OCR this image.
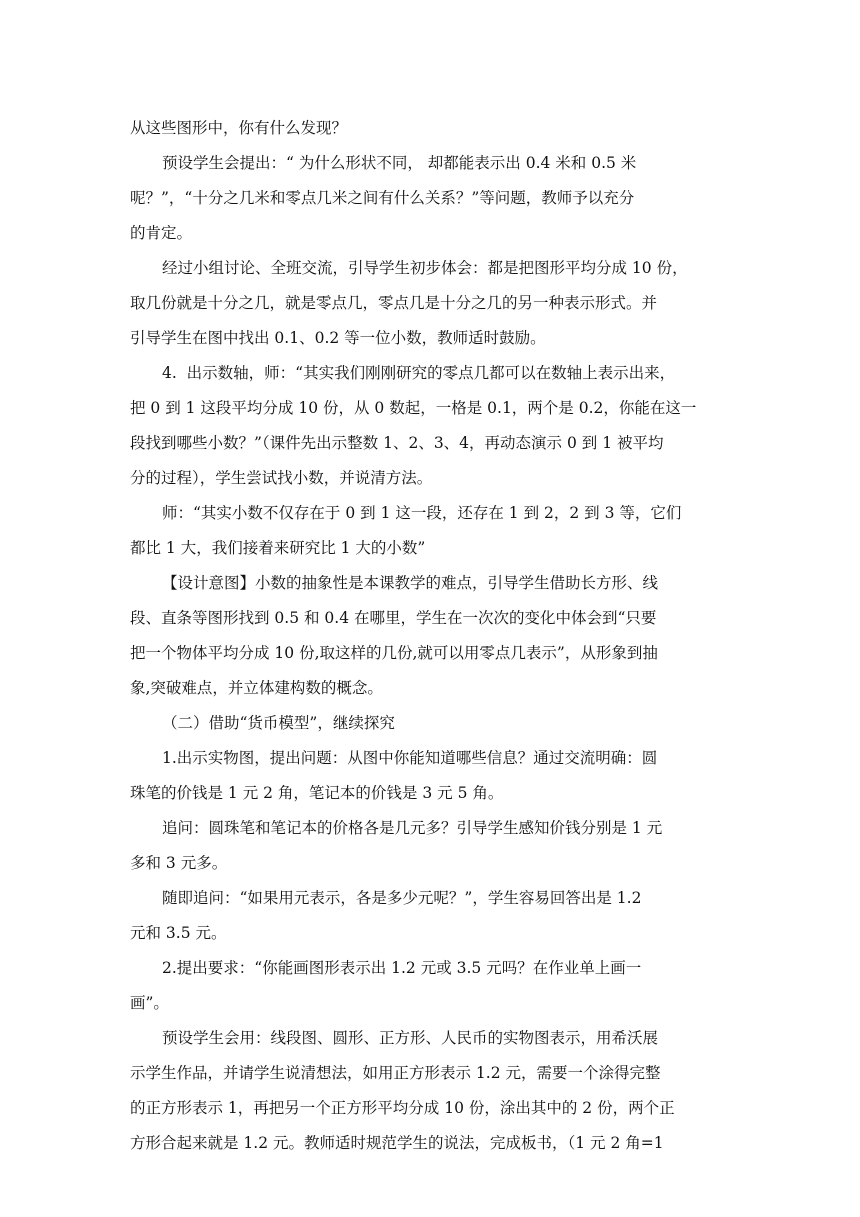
从这些图形中，你有什么发现？
预设学生会提出：“ 为什么形状不同， 却都能表示出 0.4 米和 0.5 米
呢？”，“十分之几米和零点几米之间有什么关系？”等问题，教师予以充分
的肯定。
经过小组讨论、全班交流，引导学生初步体会：都是把图形平均分成 10 份，
取几份就是十分之几，就是零点几，零点几是十分之几的另一种表示形式。并
引导学生在图中找出 0.1、0.2 等一位小数，教师适时鼓励。
4.  出示数轴，师：“其实我们刚刚研究的零点几都可以在数轴上表示出来，
把 0 到 1 这段平均分成 10 份，从 0 数起，一格是 0.1，两个是 0.2，你能在这一
段找到哪些小数？”（课件先出示整数 1、2、3、4，再动态演示 0 到 1 被平均
分的过程），学生尝试找小数，并说清方法。
师：“其实小数不仅存在于 0 到 1 这一段，还存在 1 到 2，2 到 3 等，它们
都比 1 大，我们接着来研究比 1 大的小数”
【设计意图】小数的抽象性是本课教学的难点，引导学生借助长方形、线
段、直条等图形找到 0.5 和 0.4 在哪里，学生在一次次的变化中体会到“只要
把一个物体平均分成 10 份,取这样的几份,就可以用零点几表示”，从形象到抽
象,突破难点，并立体建构数的概念。
（二）借助“货币模型”，继续探究
1.出示实物图，提出问题：从图中你能知道哪些信息？通过交流明确：圆
珠笔的价钱是 1 元 2 角，笔记本的价钱是 3 元 5 角。
追问：圆珠笔和笔记本的价格各是几元多？引导学生感知价钱分别是 1 元
多和 3 元多。
随即追问：“如果用元表示，各是多少元呢？”，学生容易回答出是 1.2
元和 3.5 元。
2.提出要求：“你能画图形表示出 1.2 元或 3.5 元吗？在作业单上画一
画”。
预设学生会用：线段图、圆形、正方形、人民币的实物图表示，用希沃展
示学生作品，并请学生说清想法，如用正方形表示 1.2 元，需要一个涂得完整
的正方形表示 1，再把另一个正方形平均分成 10 份，涂出其中的 2 份，两个正
方形合起来就是 1.2 元。教师适时规范学生的说法，完成板书，（1 元 2 角=1
